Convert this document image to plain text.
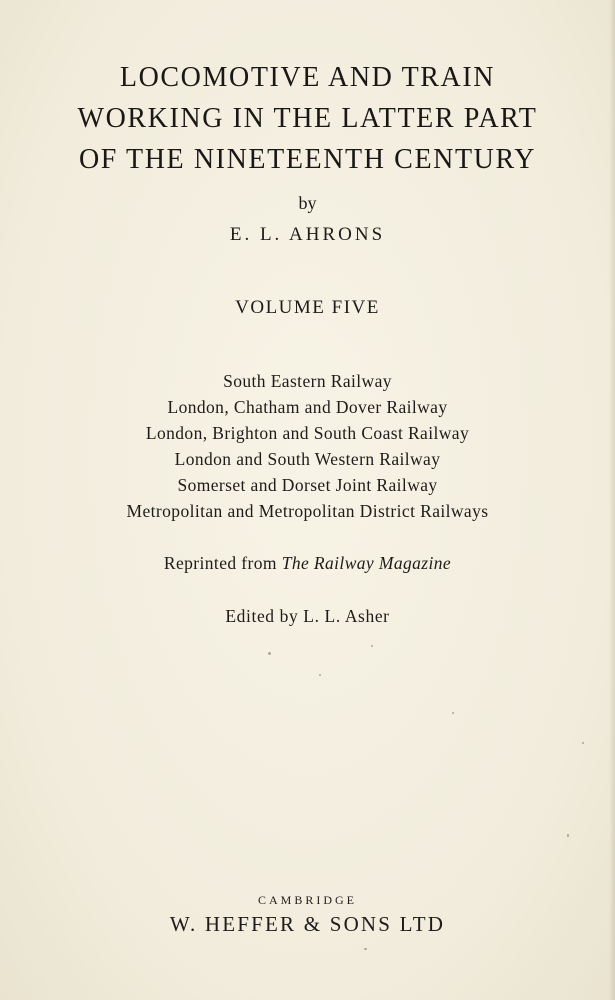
LOCOMOTIVE AND TRAIN
WORKING IN THE LATTER PART
OF THE NINETEENTH CENTURY
by
E. L. AHRONS
VOLUME FIVE
South Eastern Railway
London, Chatham and Dover Railway
London, Brighton and South Coast Railway
London and South Western Railway
Somerset and Dorset Joint Railway
Metropolitan and Metropolitan District Railways
Reprinted from The Railway Magazine
Edited by L. L. Asher
CAMBRIDGE
W. HEFFER & SONS LTD
